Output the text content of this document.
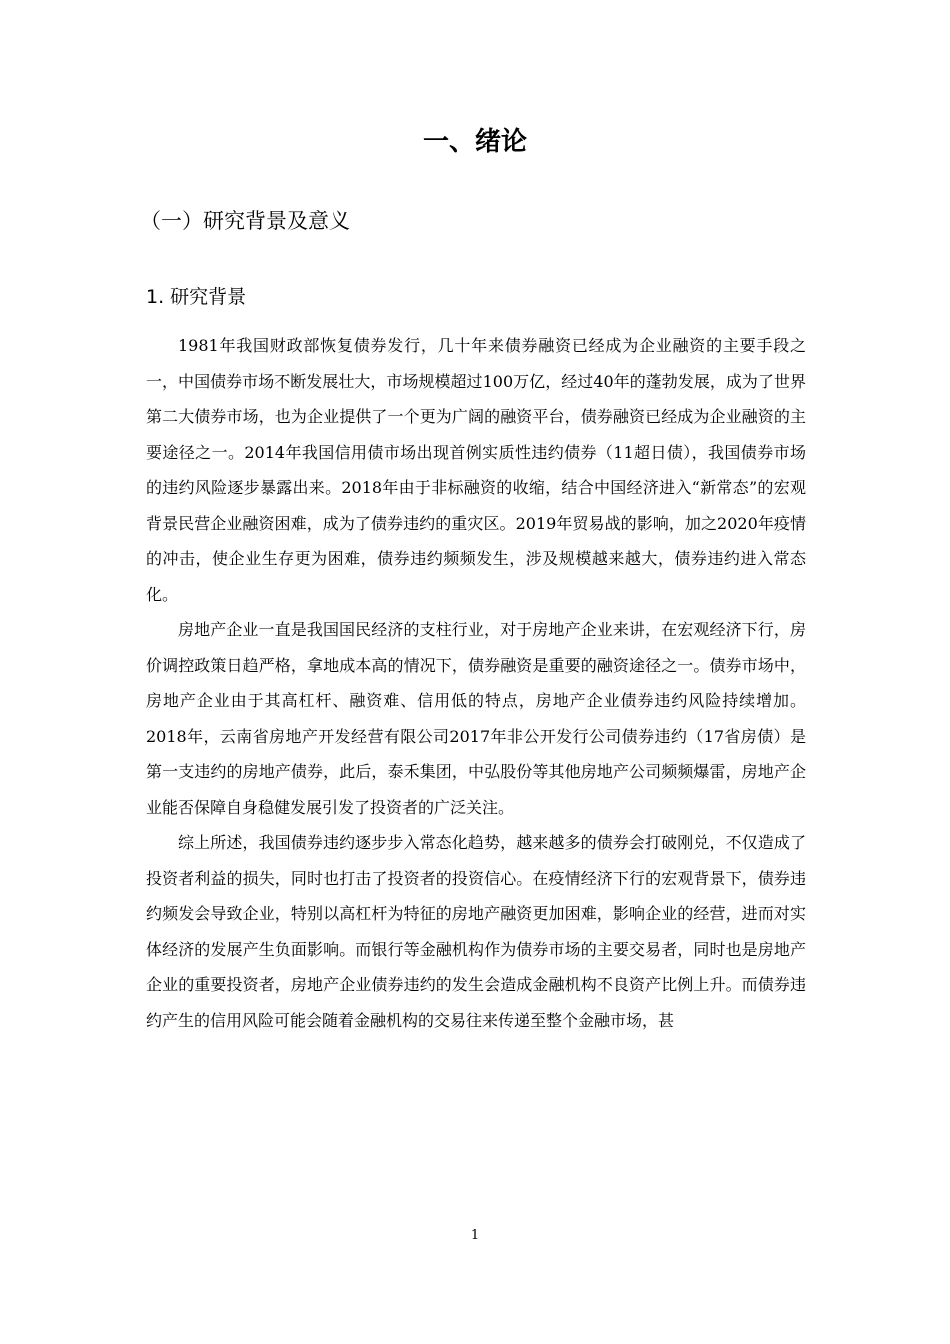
一、绪论
（一）研究背景及意义
1. 研究背景

1981年我国财政部恢复债券发行，几十年来债券融资已经成为企业融资的主要手段之一，中国债券市场不断发展壮大，市场规模超过100万亿，经过40年的蓬勃发展，成为了世界第二大债券市场，也为企业提供了一个更为广阔的融资平台，债券融资已经成为企业融资的主要途径之一。2014年我国信用债市场出现首例实质性违约债券（11超日债），我国债券市场的违约风险逐步暴露出来。2018年由于非标融资的收缩，结合中国经济进入“新常态”的宏观背景民营企业融资困难，成为了债券违约的重灾区。2019年贸易战的影响，加之2020年疫情的冲击，使企业生存更为困难，债券违约频频发生，涉及规模越来越大，债券违约进入常态化。

房地产企业一直是我国国民经济的支柱行业，对于房地产企业来讲，在宏观经济下行，房价调控政策日趋严格，拿地成本高的情况下，债券融资是重要的融资途径之一。债券市场中，房地产企业由于其高杠杆、融资难、信用低的特点，房地产企业债券违约风险持续增加。2018年，云南省房地产开发经营有限公司2017年非公开发行公司债券违约（17省房债）是第一支违约的房地产债券，此后，泰禾集团，中弘股份等其他房地产公司频频爆雷，房地产企业能否保障自身稳健发展引发了投资者的广泛关注。

综上所述，我国债券违约逐步步入常态化趋势，越来越多的债券会打破刚兑，不仅造成了投资者利益的损失，同时也打击了投资者的投资信心。在疫情经济下行的宏观背景下，债券违约频发会导致企业，特别以高杠杆为特征的房地产融资更加困难，影响企业的经营，进而对实体经济的发展产生负面影响。而银行等金融机构作为债券市场的主要交易者，同时也是房地产企业的重要投资者，房地产企业债券违约的发生会造成金融机构不良资产比例上升。而债券违约产生的信用风险可能会随着金融机构的交易往来传递至整个金融市场，甚

1
